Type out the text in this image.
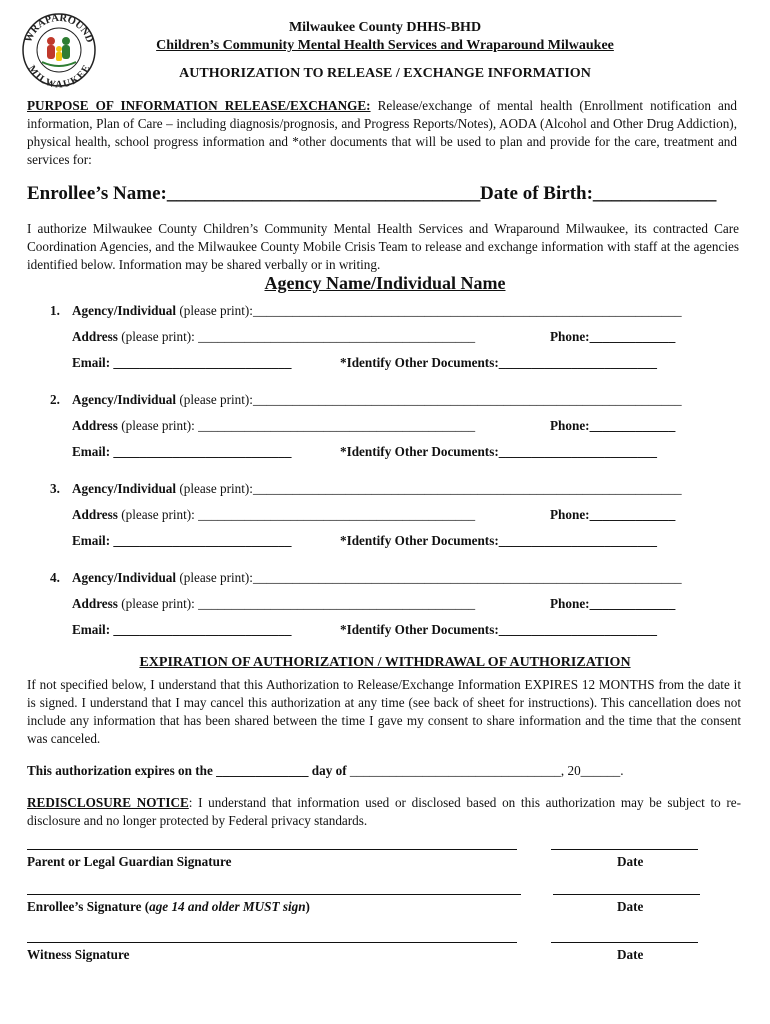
WRAPAROUND
MILWAUKEE
Milwaukee County DHHS-BHD
Children’s Community Mental Health Services and Wraparound Milwaukee
AUTHORIZATION TO RELEASE / EXCHANGE INFORMATION
PURPOSE OF INFORMATION RELEASE/EXCHANGE: Release/exchange of mental health (Enrollment notification and information, Plan of Care – including diagnosis/prognosis, and Progress Reports/Notes), AODA (Alcohol and Other Drug Addiction), physical health, school progress information and *other documents that will be used to plan and provide for the care, treatment and services for:
Enrollee’s Name:_________________________________ Date of Birth:_____________
I authorize Milwaukee County Children’s Community Mental Health Services and Wraparound Milwaukee, its contracted Care Coordination Agencies, and the Milwaukee County Mobile Crisis Team to release and exchange information with staff at the agencies identified below. Information may be shared verbally or in writing.
Agency Name/Individual Name
1. Agency/Individual (please print):_________________________________________________________________
Address (please print): __________________________________________	Phone:_____________
Email: ___________________________	*Identify Other Documents:________________________
2. Agency/Individual (please print):_________________________________________________________________
Address (please print): __________________________________________	Phone:_____________
Email: ___________________________	*Identify Other Documents:________________________
3. Agency/Individual (please print):_________________________________________________________________
Address (please print): __________________________________________	Phone:_____________
Email: ___________________________	*Identify Other Documents:________________________
4. Agency/Individual (please print):_________________________________________________________________
Address (please print): __________________________________________	Phone:_____________
Email: ___________________________	*Identify Other Documents:________________________
EXPIRATION OF AUTHORIZATION / WITHDRAWAL OF AUTHORIZATION
If not specified below, I understand that this Authorization to Release/Exchange Information EXPIRES 12 MONTHS from the date it is signed. I understand that I may cancel this authorization at any time (see back of sheet for instructions). This cancellation does not include any information that has been shared between the time I gave my consent to share information and the time that the consent was canceled.
This authorization expires on the ______________ day of ________________________________, 20______.
REDISCLOSURE NOTICE: I understand that information used or disclosed based on this authorization may be subject to re-disclosure and no longer protected by Federal privacy standards.
Parent or Legal Guardian Signature	Date
Enrollee’s Signature (age 14 and older MUST sign)	Date
Witness Signature	Date
